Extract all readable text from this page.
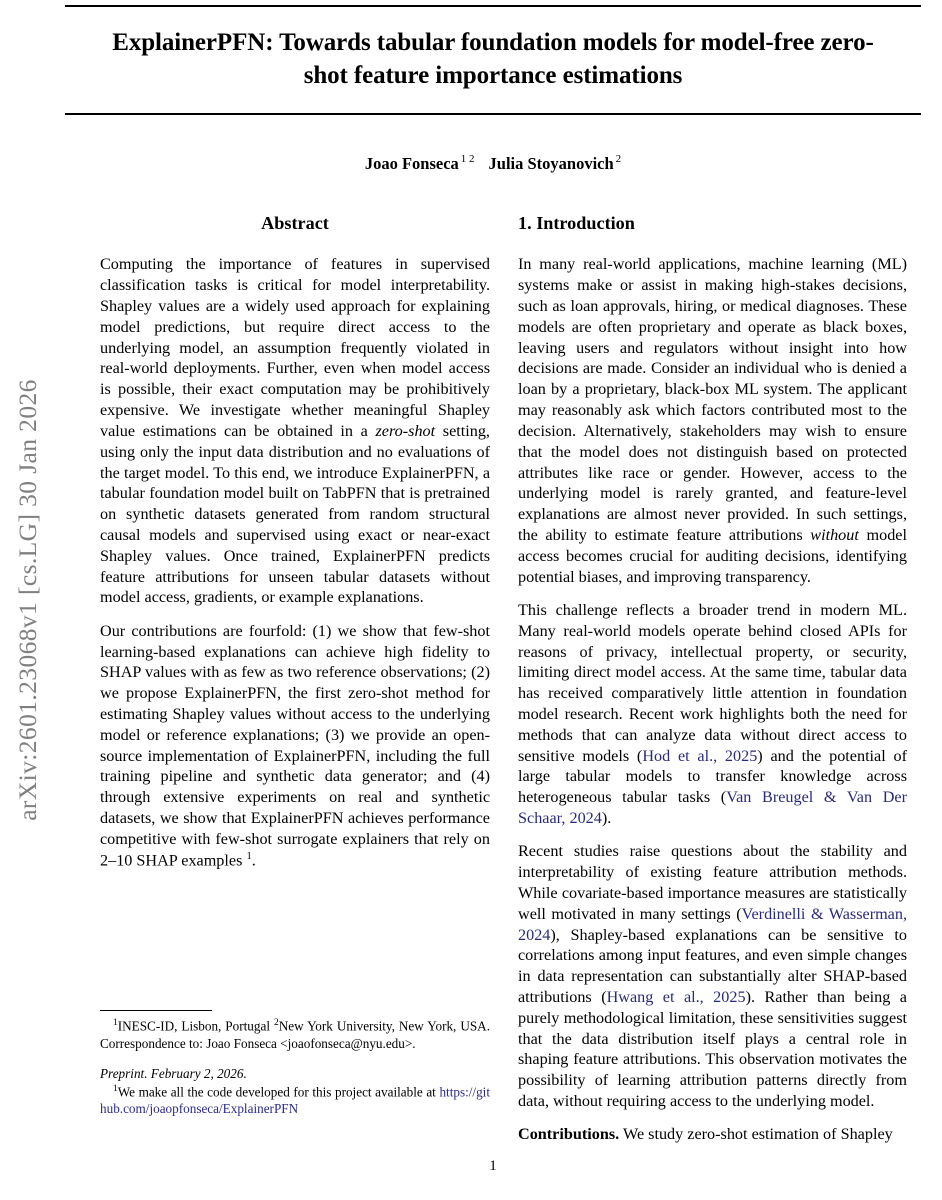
arXiv:2601.23068v1 [cs.LG] 30 Jan 2026
ExplainerPFN: Towards tabular foundation models for model-free zero-shot feature importance estimations
Joao Fonseca $^{1 2}$ Julia Stoyanovich $^2$
Abstract

Computing the importance of features in supervised classification tasks is critical for model interpretability. Shapley values are a widely used approach for explaining model predictions, but require direct access to the underlying model, an assumption frequently violated in real-world deployments. Further, even when model access is possible, their exact computation may be prohibitively expensive. We investigate whether meaningful Shapley value estimations can be obtained in a zero-shot setting, using only the input data distribution and no evaluations of the target model. To this end, we introduce ExplainerPFN, a tabular foundation model built on TabPFN that is pretrained on synthetic datasets generated from random structural causal models and supervised using exact or near-exact Shapley values. Once trained, ExplainerPFN predicts feature attributions for unseen tabular datasets without model access, gradients, or example explanations.

Our contributions are fourfold: (1) we show that few-shot learning-based explanations can achieve high fidelity to SHAP values with as few as two reference observations; (2) we propose ExplainerPFN, the first zero-shot method for estimating Shapley values without access to the underlying model or reference explanations; (3) we provide an open-source implementation of ExplainerPFN, including the full training pipeline and synthetic data generator; and (4) through extensive experiments on real and synthetic datasets, we show that ExplainerPFN achieves performance competitive with few-shot surrogate explainers that rely on 2–10 SHAP examples $^1$.

1. Introduction

In many real-world applications, machine learning (ML) systems make or assist in making high-stakes decisions, such as loan approvals, hiring, or medical diagnoses. These models are often proprietary and operate as black boxes, leaving users and regulators without insight into how decisions are made. Consider an individual who is denied a loan by a proprietary, black-box ML system. The applicant may reasonably ask which factors contributed most to the decision. Alternatively, stakeholders may wish to ensure that the model does not distinguish based on protected attributes like race or gender. However, access to the underlying model is rarely granted, and feature-level explanations are almost never provided. In such settings, the ability to estimate feature attributions without model access becomes crucial for auditing decisions, identifying potential biases, and improving transparency.

This challenge reflects a broader trend in modern ML. Many real-world models operate behind closed APIs for reasons of privacy, intellectual property, or security, limiting direct model access. At the same time, tabular data has received comparatively little attention in foundation model research. Recent work highlights both the need for methods that can analyze data without direct access to sensitive models (Hod et al., 2025) and the potential of large tabular models to transfer knowledge across heterogeneous tabular tasks (Van Breugel & Van Der Schaar, 2024).

Recent studies raise questions about the stability and interpretability of existing feature attribution methods. While covariate-based importance measures are statistically well motivated in many settings (Verdinelli & Wasserman, 2024), Shapley-based explanations can be sensitive to correlations among input features, and even simple changes in data representation can substantially alter SHAP-based attributions (Hwang et al., 2025). Rather than being a purely methodological limitation, these sensitivities suggest that the data distribution itself plays a central role in shaping feature attributions. This observation motivates the possibility of learning attribution patterns directly from data, without requiring access to the underlying model.

Contributions. We study zero-shot estimation of Shapley

$^1$INESC-ID, Lisbon, Portugal $^2$New York University, New York, USA. Correspondence to: Joao Fonseca <joaofonseca@nyu.edu>.

Preprint. February 2, 2026.

$^1$We make all the code developed for this project available at https://github.com/joaopfonseca/ExplainerPFN

1
